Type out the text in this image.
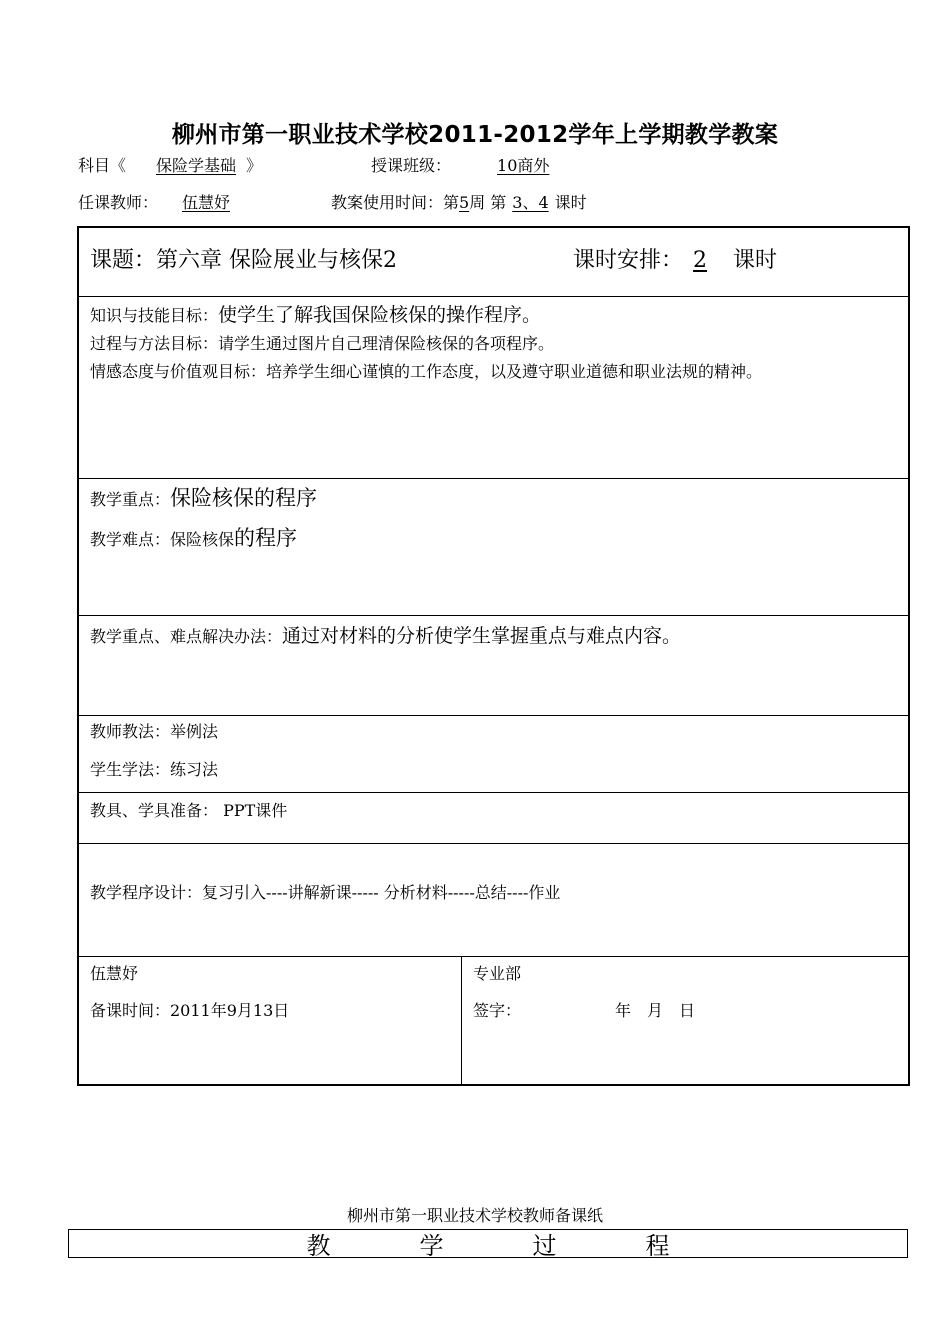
柳州市第一职业技术学校2011-2012学年上学期教学教案
科目《 保险学基础 》	授课班级：	10商外
任课教师： 伍慧妤	教案使用时间：第5周 第 3、4 课时
课题：第六章 保险展业与核保2	课时安排： 2 课时
知识与技能目标：使学生了解我国保险核保的操作程序。
过程与方法目标：请学生通过图片自己理清保险核保的各项程序。
情感态度与价值观目标：培养学生细心谨慎的工作态度，以及遵守职业道德和职业法规的精神。
教学重点：保险核保的程序
教学难点：保险核保的程序
教学重点、难点解决办法：通过对材料的分析使学生掌握重点与难点内容。
教师教法：举例法
学生学法：练习法
教具、学具准备： PPT课件
教学程序设计：复习引入----讲解新课----- 分析材料-----总结----作业
伍慧妤
备课时间：2011年9月13日
专业部
签字：	年　月　日
柳州市第一职业技术学校教师备课纸
教	学	过	程
